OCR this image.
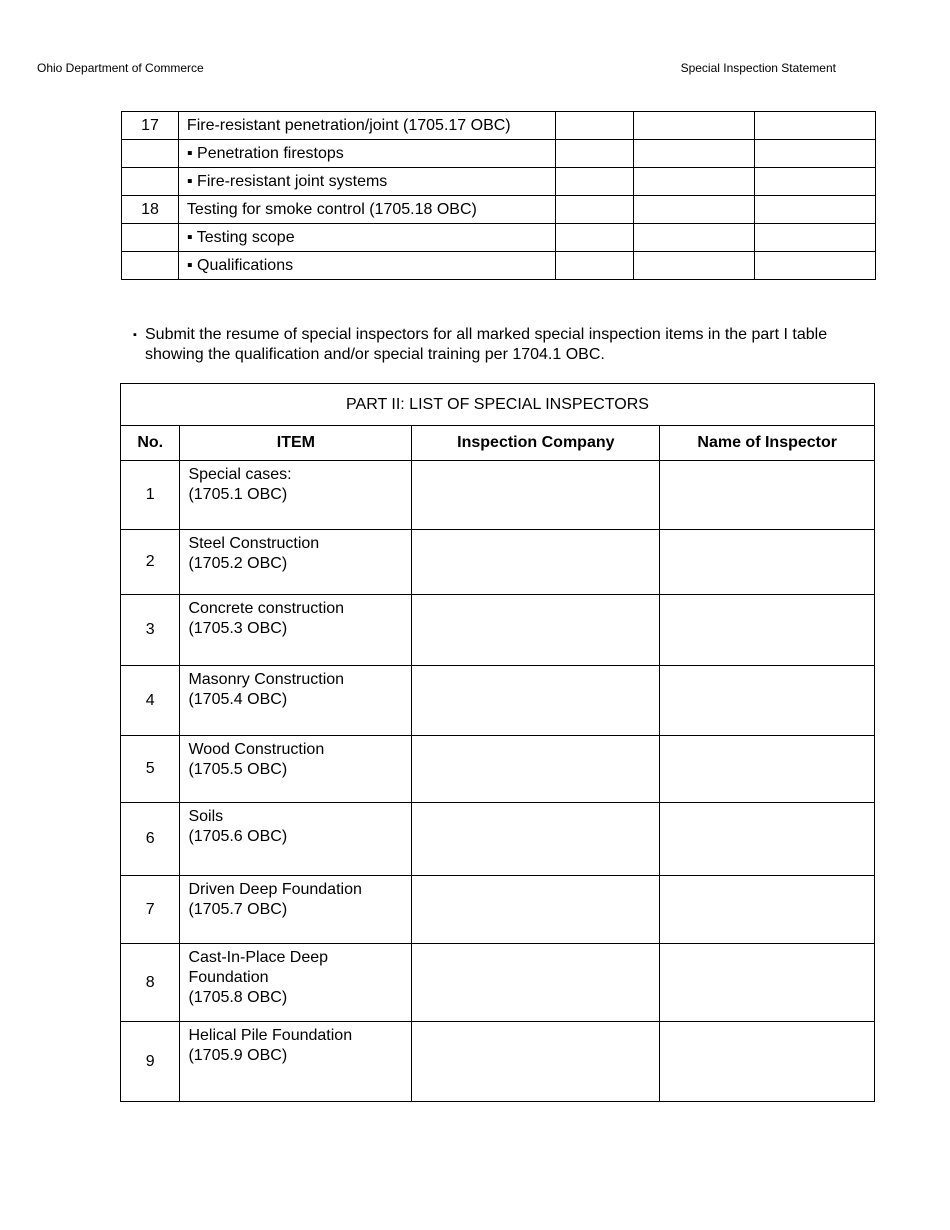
Ohio Department of Commerce	Special Inspection Statement
17	Fire-resistant penetration/joint (1705.17 OBC)			
	▪ Penetration firestops			
	▪ Fire-resistant joint systems			
18	Testing for smoke control (1705.18 OBC)			
	▪ Testing scope			
	▪ Qualifications			
▪ Submit the resume of special inspectors for all marked special inspection items in the part I table showing the qualification and/or special training per 1704.1 OBC.
PART II: LIST OF SPECIAL INSPECTORS			
No.	ITEM	Inspection Company	Name of Inspector
1	Special cases:
(1705.1 OBC)		

2	Steel Construction
(1705.2 OBC)		

3	Concrete construction
(1705.3 OBC)		

4	Masonry Construction
(1705.4 OBC)		

5	Wood Construction
(1705.5 OBC)		

6	Soils
(1705.6 OBC)		

7	Driven Deep Foundation
(1705.7 OBC)		

8	Cast-In-Place Deep
Foundation
(1705.8 OBC)		

9	Helical Pile Foundation
(1705.9 OBC)		
